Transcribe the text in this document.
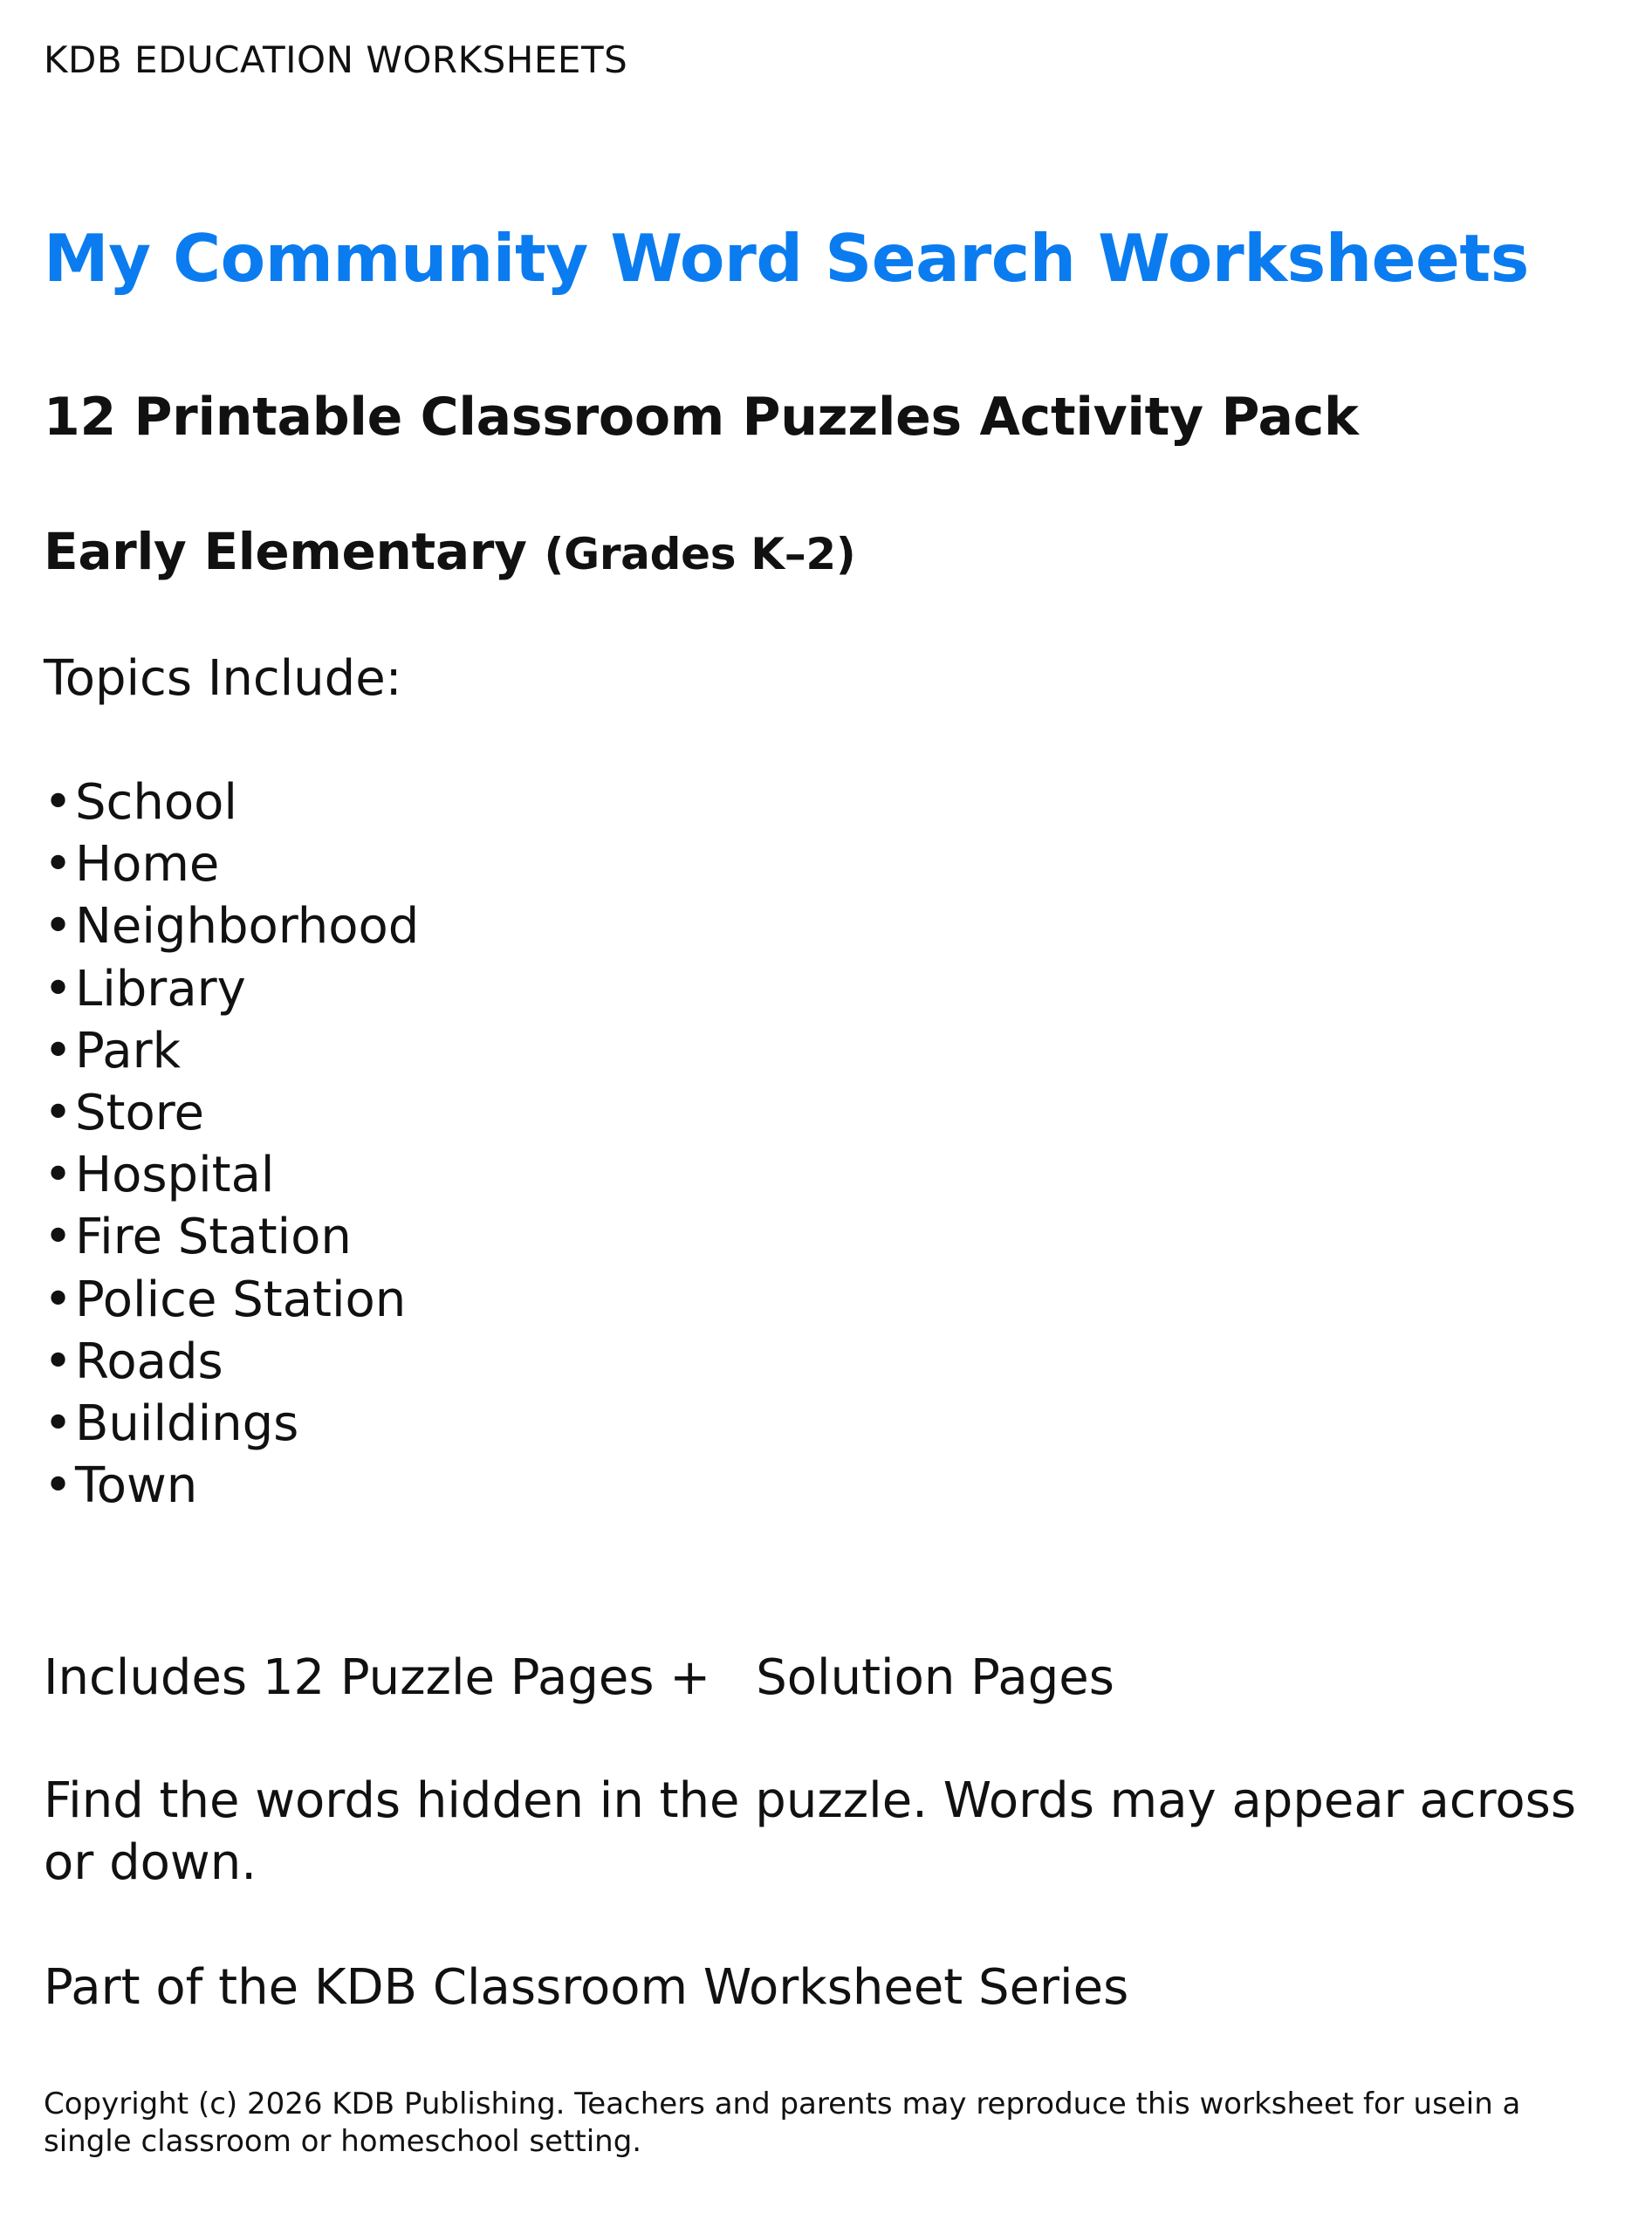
KDB EDUCATION WORKSHEETS

My Community Word Search Worksheets
12 Printable Classroom Puzzles Activity Pack
Early Elementary (Grades K–2)

Topics Include:

•School
•Home
•Neighborhood
•Library
•Park
•Store
•Hospital
•Fire Station
•Police Station
•Roads
•Buildings
•Town

Includes 12 Puzzle Pages + Solution Pages

Find the words hidden in the puzzle. Words may appear across or down.

Part of the KDB Classroom Worksheet Series

Copyright (c) 2026 KDB Publishing. Teachers and parents may reproduce this worksheet for usein a single classroom or homeschool setting.
